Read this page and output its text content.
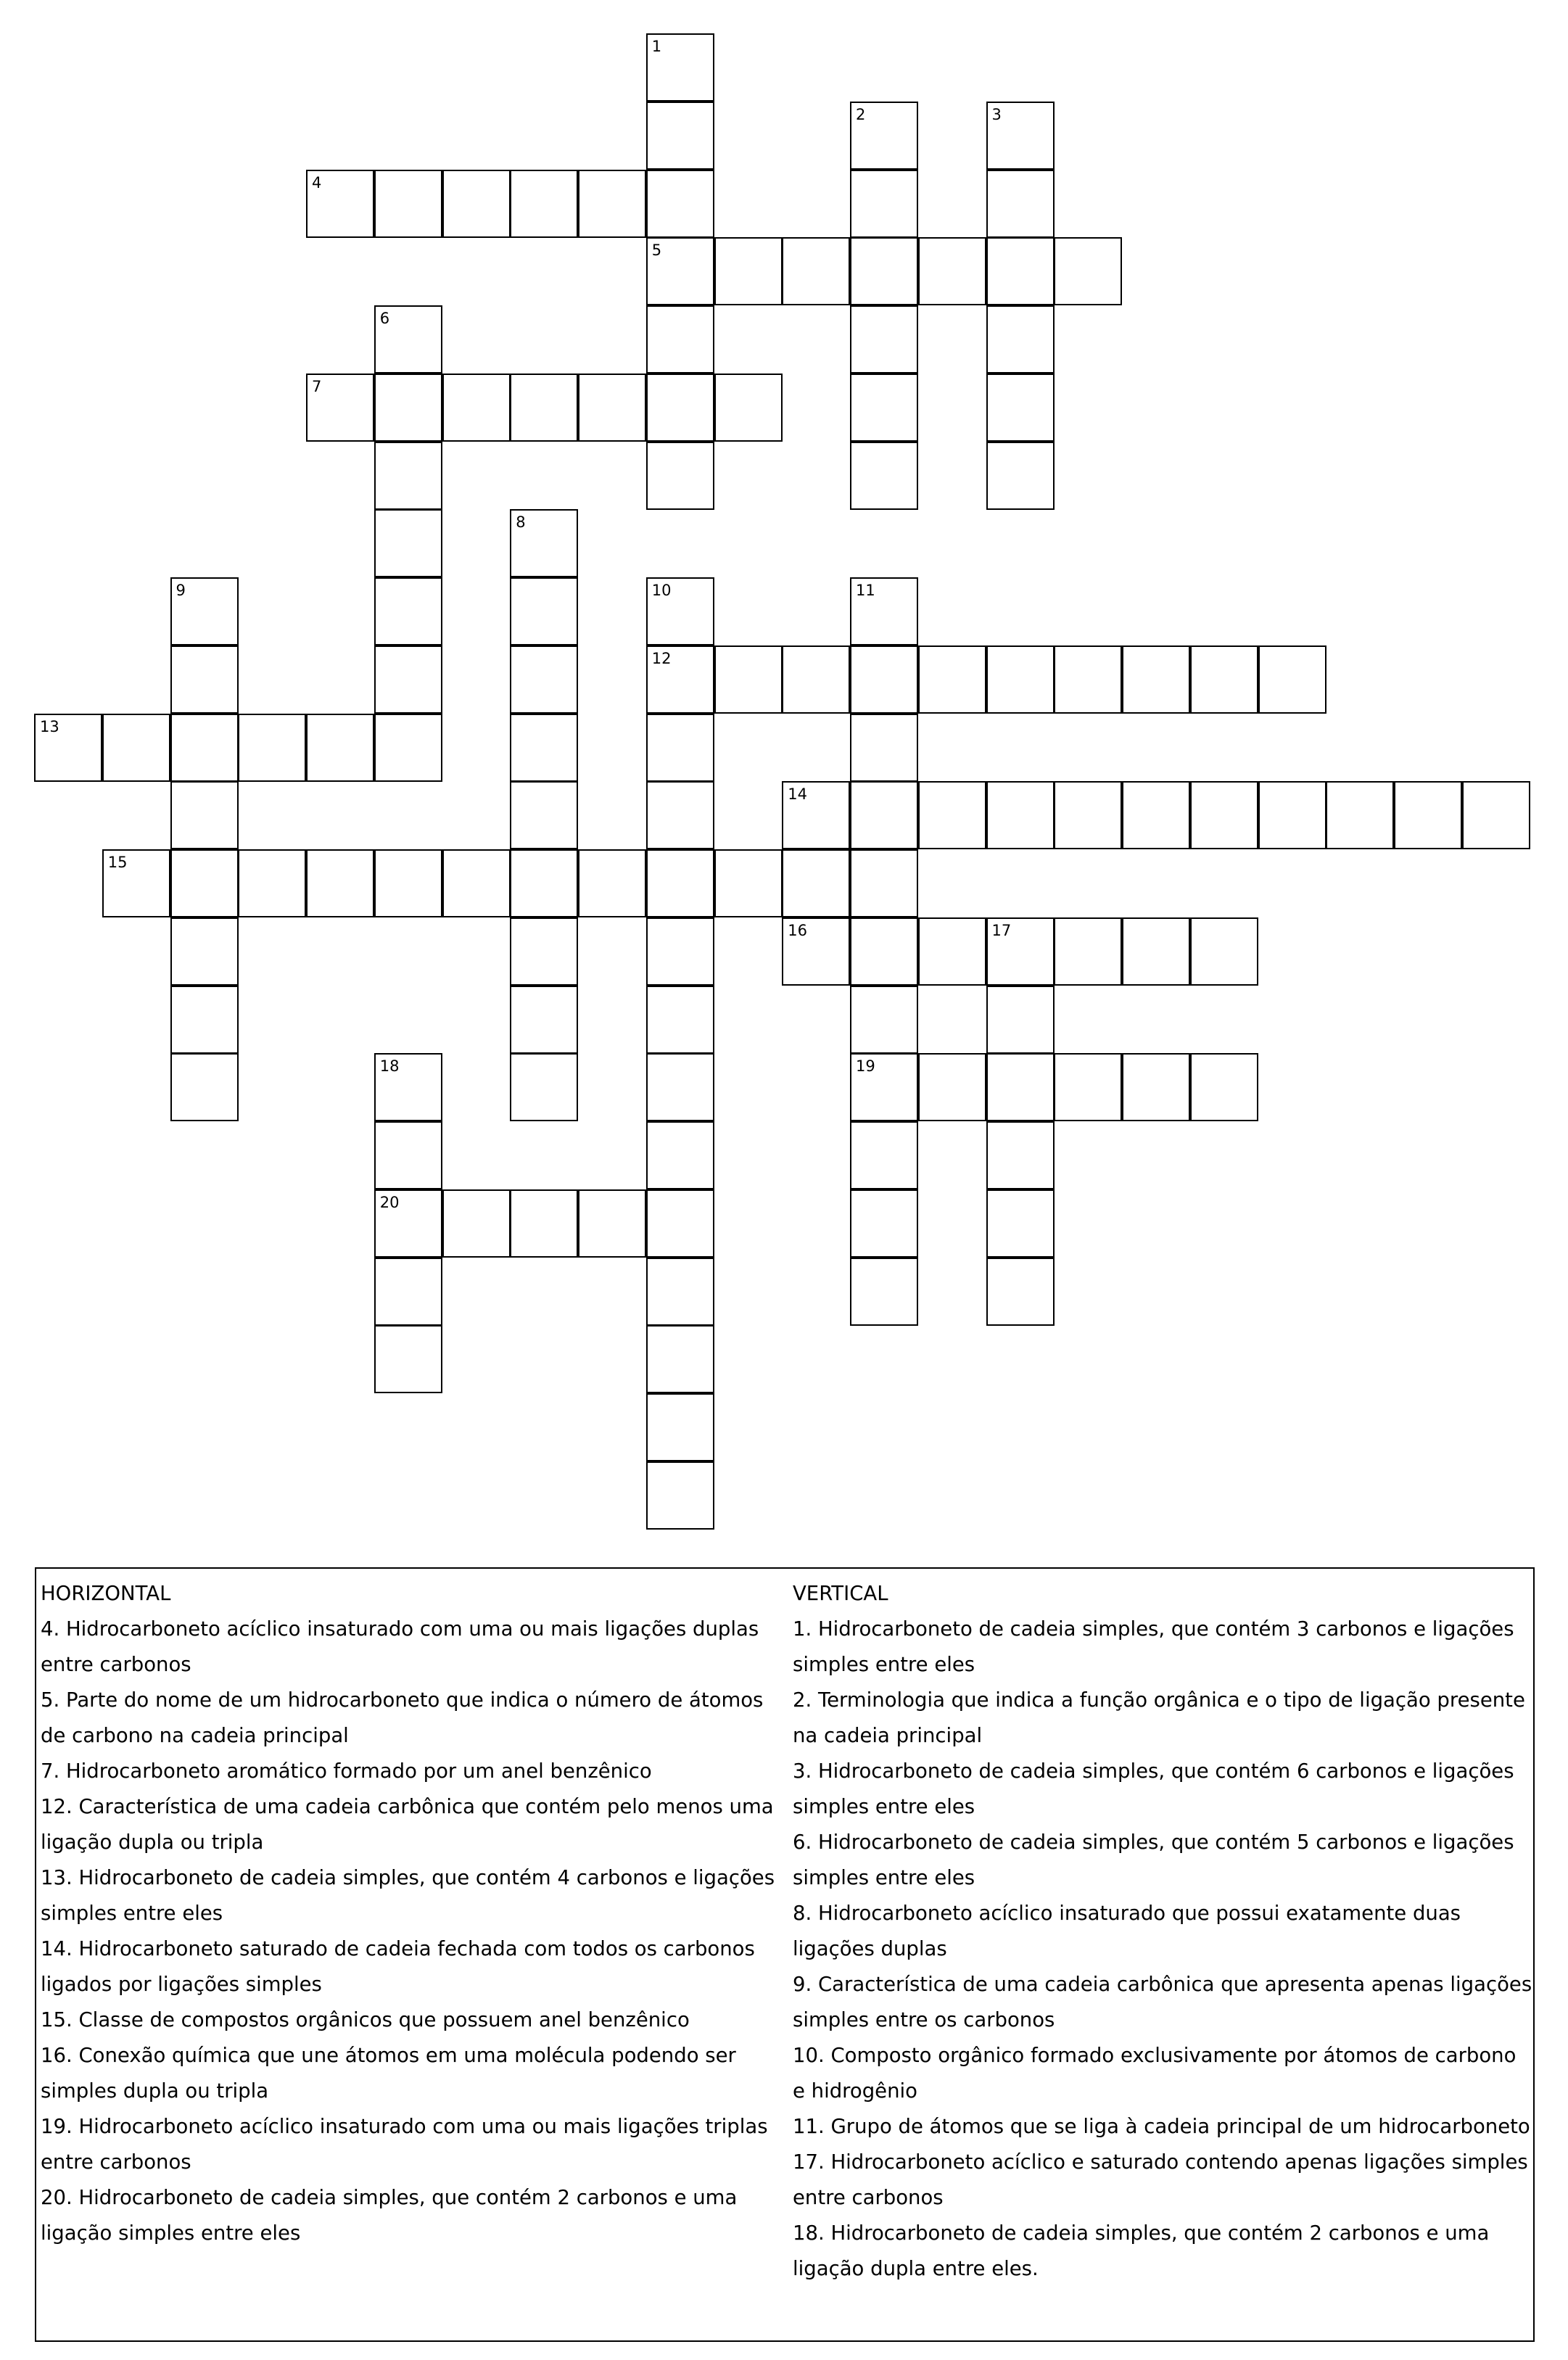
1
2	3
4
5
6
7
8
9	10	11
12
13
14
15
16	17
18	19
20
HORIZONTAL
4. Hidrocarboneto acíclico insaturado com uma ou mais ligações duplas entre carbonos
5. Parte do nome de um hidrocarboneto que indica o número de átomos de carbono na cadeia principal
7. Hidrocarboneto aromático formado por um anel benzênico
12. Característica de uma cadeia carbônica que contém pelo menos uma ligação dupla ou tripla
13. Hidrocarboneto de cadeia simples, que contém 4 carbonos e ligações simples entre eles
14. Hidrocarboneto saturado de cadeia fechada com todos os carbonos ligados por ligações simples
15. Classe de compostos orgânicos que possuem anel benzênico
16. Conexão química que une átomos em uma molécula podendo ser simples dupla ou tripla
19. Hidrocarboneto acíclico insaturado com uma ou mais ligações triplas entre carbonos
20. Hidrocarboneto de cadeia simples, que contém 2 carbonos e uma ligação simples entre eles
VERTICAL
1. Hidrocarboneto de cadeia simples, que contém 3 carbonos e ligações simples entre eles
2. Terminologia que indica a função orgânica e o tipo de ligação presente na cadeia principal
3. Hidrocarboneto de cadeia simples, que contém 6 carbonos e ligações simples entre eles
6. Hidrocarboneto de cadeia simples, que contém 5 carbonos e ligações simples entre eles
8. Hidrocarboneto acíclico insaturado que possui exatamente duas ligações duplas
9. Característica de uma cadeia carbônica que apresenta apenas ligações simples entre os carbonos
10. Composto orgânico formado exclusivamente por átomos de carbono e hidrogênio
11. Grupo de átomos que se liga à cadeia principal de um hidrocarboneto
17. Hidrocarboneto acíclico e saturado contendo apenas ligações simples entre carbonos
18. Hidrocarboneto de cadeia simples, que contém 2 carbonos e uma ligação dupla entre eles.
